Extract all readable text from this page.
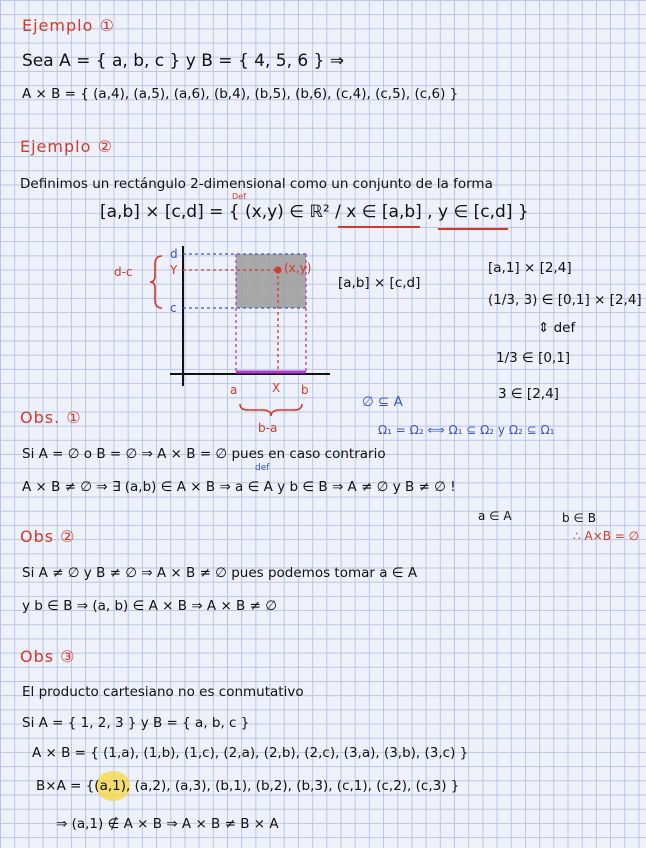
Ejemplo ①
Sea A = { a, b, c } y B = { 4, 5, 6 } ⇒
A × B = { (a,4), (a,5), (a,6), (b,4), (b,5), (b,6), (c,4), (c,5), (c,6) }
Ejemplo ②
Definimos un rectángulo 2-dimensional como un conjunto de la forma
Def
[a,b] × [c,d] = { (x,y) ∈ ℝ² / x ∈ [a,b] , y ∈ [c,d] }
d-c
b-a
d
c
Y
a	b
X
(x,y)
[a,b] × [c,d]
[a,1] × [2,4]
(1/3, 3) ∈ [0,1] × [2,4]
⇕ def
1/3 ∈ [0,1]
3 ∈ [2,4]
∅ ⊆ A
Ω₁ = Ω₂ ⟺ Ω₁ ⊆ Ω₂ y Ω₂ ⊆ Ω₁
Obs. ①
Si A = ∅ o B = ∅ ⇒ A × B = ∅ pues en caso contrario
def
A × B ≠ ∅ ⇒ ∃ (a,b) ∈ A × B ⇒ a ∈ A y b ∈ B ⇒ A ≠ ∅ y B ≠ ∅ !
a ∈ A	b ∈ B
∴ A×B = ∅
Obs ②
Si A ≠ ∅ y B ≠ ∅ ⇒ A × B ≠ ∅ pues podemos tomar a ∈ A
y b ∈ B ⇒ (a, b) ∈ A × B ⇒ A × B ≠ ∅
Obs ③
El producto cartesiano no es conmutativo
Si A = { 1, 2, 3 } y B = { a, b, c }
A × B = { (1,a), (1,b), (1,c), (2,a), (2,b), (2,c), (3,a), (3,b), (3,c) }
B×A = {(a,1), (a,2), (a,3), (b,1), (b,2), (b,3), (c,1), (c,2), (c,3) }
⇒ (a,1) ∉ A × B ⇒ A × B ≠ B × A
